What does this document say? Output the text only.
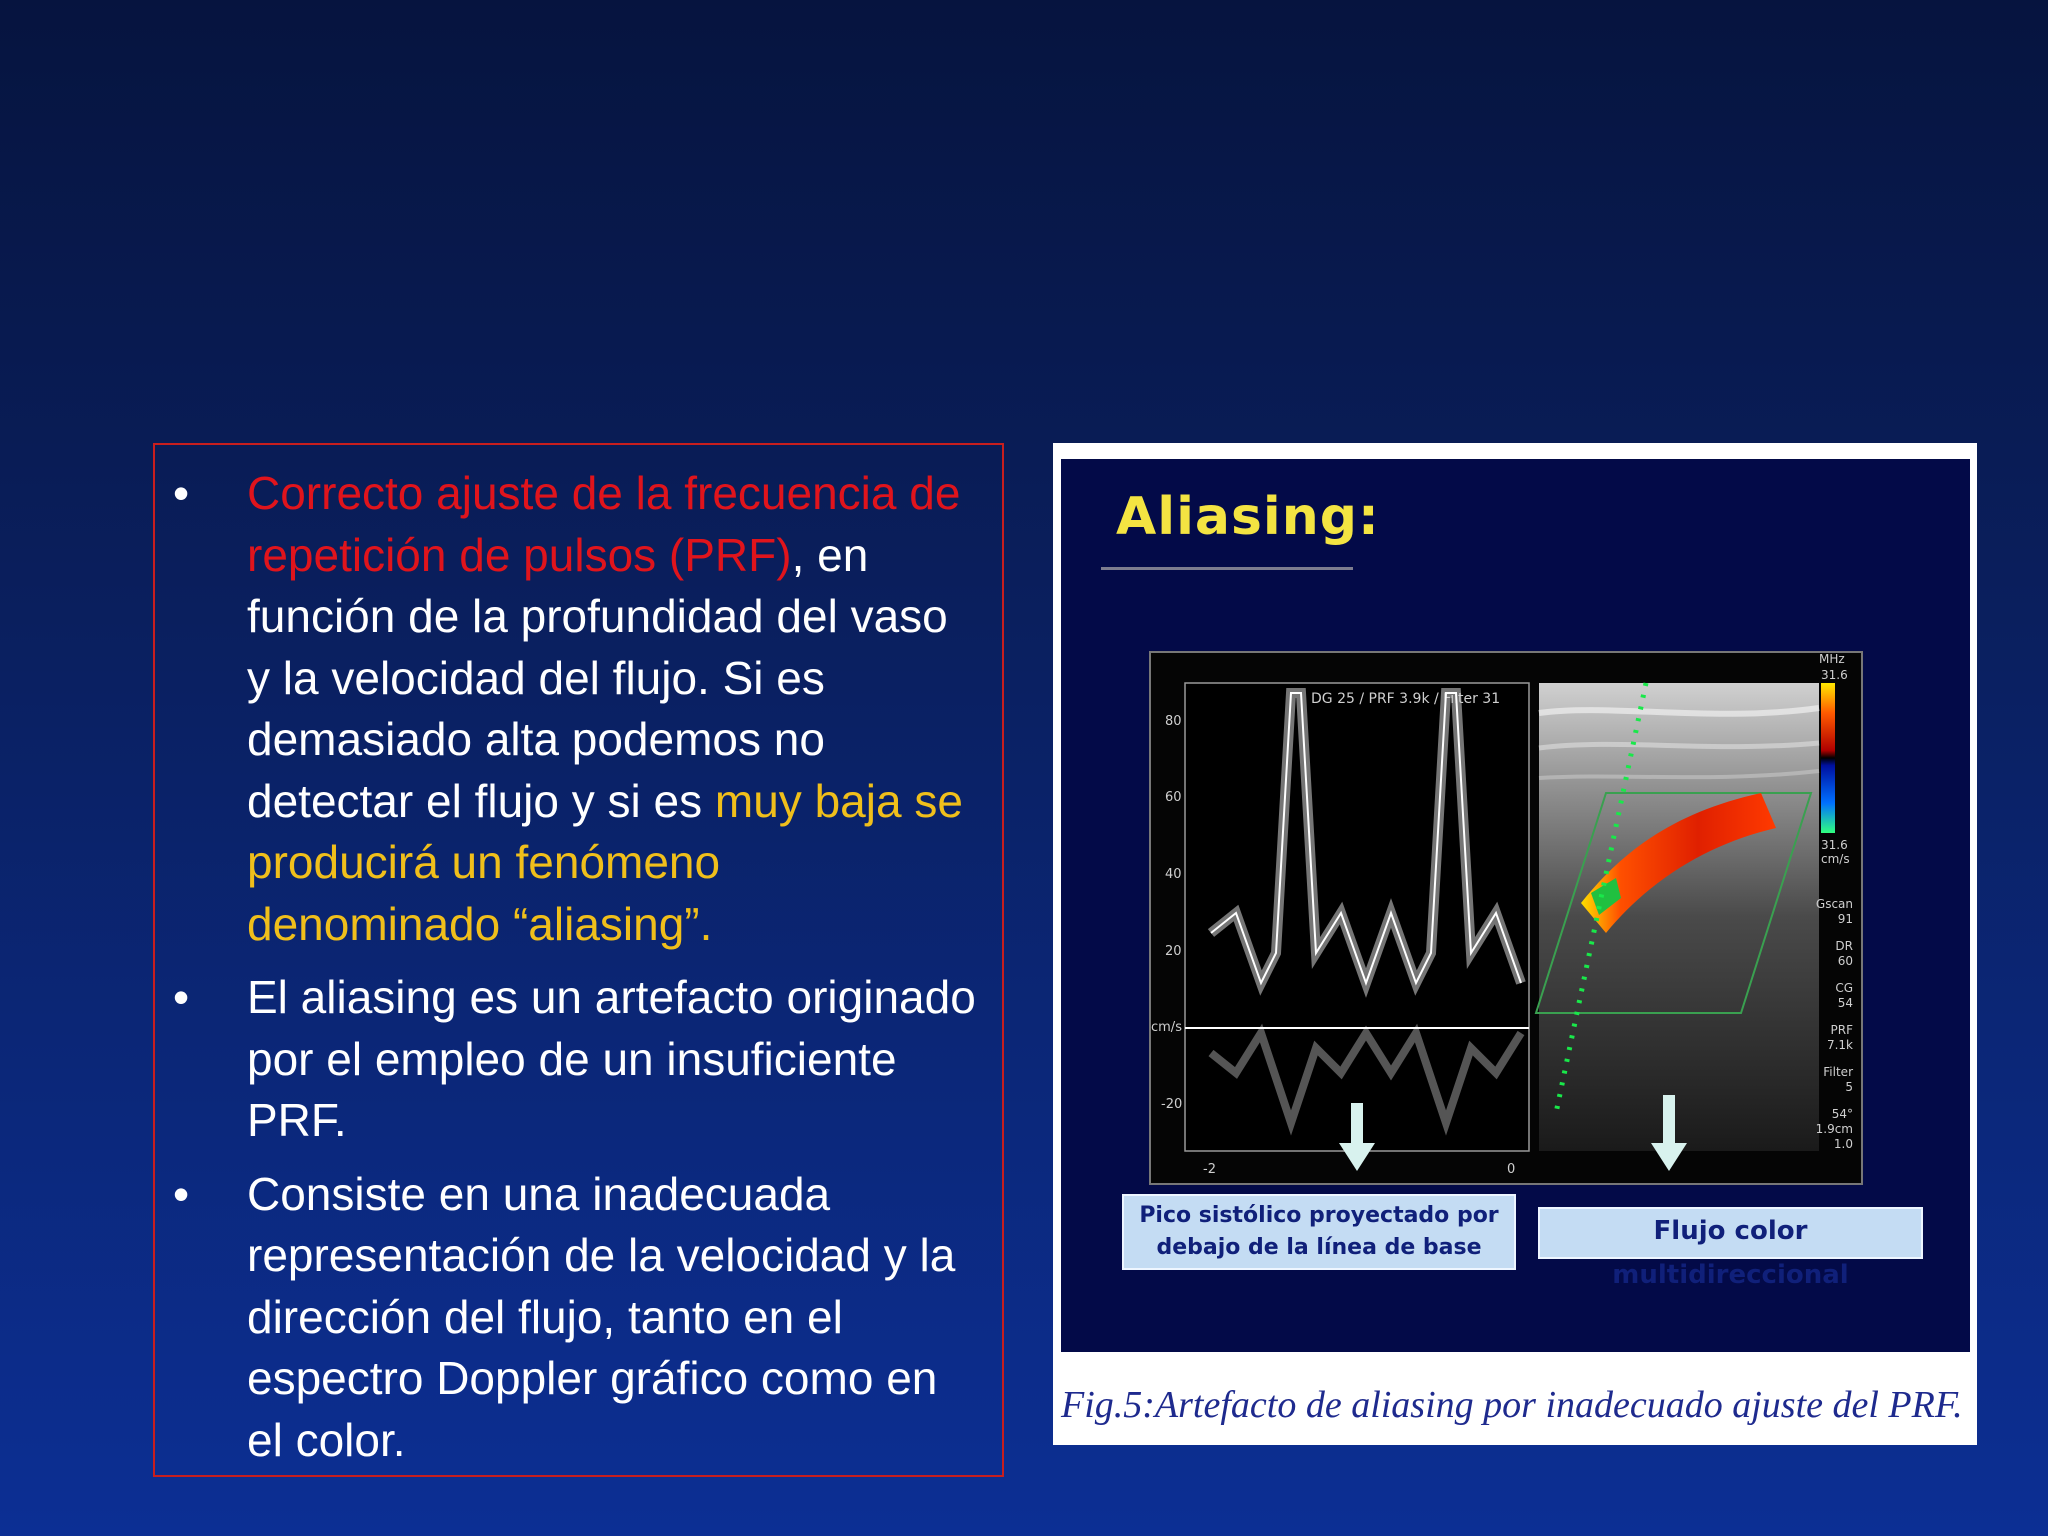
• Correcto ajuste de la frecuencia de repetición de pulsos (PRF), en función de la profundidad del vaso y la velocidad del flujo. Si es demasiado alta podemos no detectar el flujo y si es muy baja se producirá un fenómeno denominado “aliasing”.
• El aliasing es un artefacto originado por el empleo de un insuficiente PRF.
• Consiste en una inadecuada representación de la velocidad y la dirección del flujo, tanto en el espectro Doppler gráfico como en el color.
Aliasing:
DG 25 / PRF 3.9k / Filter 31
80
60
40
20
cm/s
-20
-2	0
MHz
31.6
31.6
cm/s
Gscan
91
DR
60
CG
54
PRF
7.1k
Filter
5
54°
1.9cm
1.0
Pico sistólico proyectado por
debajo de la línea de base
Flujo color multidireccional
Fig.5:Artefacto de aliasing por inadecuado ajuste del PRF.
